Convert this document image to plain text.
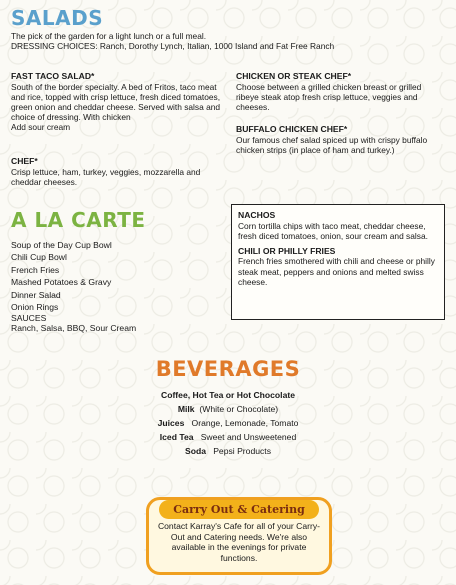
SALADS

The pick of the garden for a light lunch or a full meal.

DRESSING CHOICES: Ranch, Dorothy Lynch, Italian, 1000 Island and Fat Free Ranch

FAST TACO SALAD*

South of the border specialty. A bed of Fritos, taco meat and rice, topped with crisp lettuce, fresh diced tomatoes, green onion and cheddar cheese. Served with salsa and choice of dressing. With chicken

Add sour cream

CHEF*

Crisp lettuce, ham, turkey, veggies, mozzarella and cheddar cheeses.

CHICKEN OR STEAK CHEF*

Choose between a grilled chicken breast or grilled ribeye steak atop fresh crisp lettuce, veggies and cheeses.

BUFFALO CHICKEN CHEF*

Our famous chef salad spiced up with crispy buffalo chicken strips (in place of ham and turkey.)

A LA CARTE
Soup of the Day Cup Bowl
Chili Cup Bowl
French Fries
Mashed Potatoes & Gravy
Dinner Salad
Onion Rings
SAUCES
Ranch, Salsa, BBQ, Sour Cream

NACHOS

Corn tortilla chips with taco meat, cheddar cheese, fresh diced tomatoes, onion, sour cream and salsa.

CHILI OR PHILLY FRIES

French fries smothered with chili and cheese or philly steak meat, peppers and onions and melted swiss cheese.

BEVERAGES
Coffee, Hot Tea or Hot Chocolate
Milk (White or Chocolate)
Juices Orange, Lemonade, Tomato
Iced Tea Sweet and Unsweetened
Soda Pepsi Products
Carry Out & Catering

Contact Karray's Cafe for all of your Carry-Out and Catering needs. We're also available in the evenings for private functions.
